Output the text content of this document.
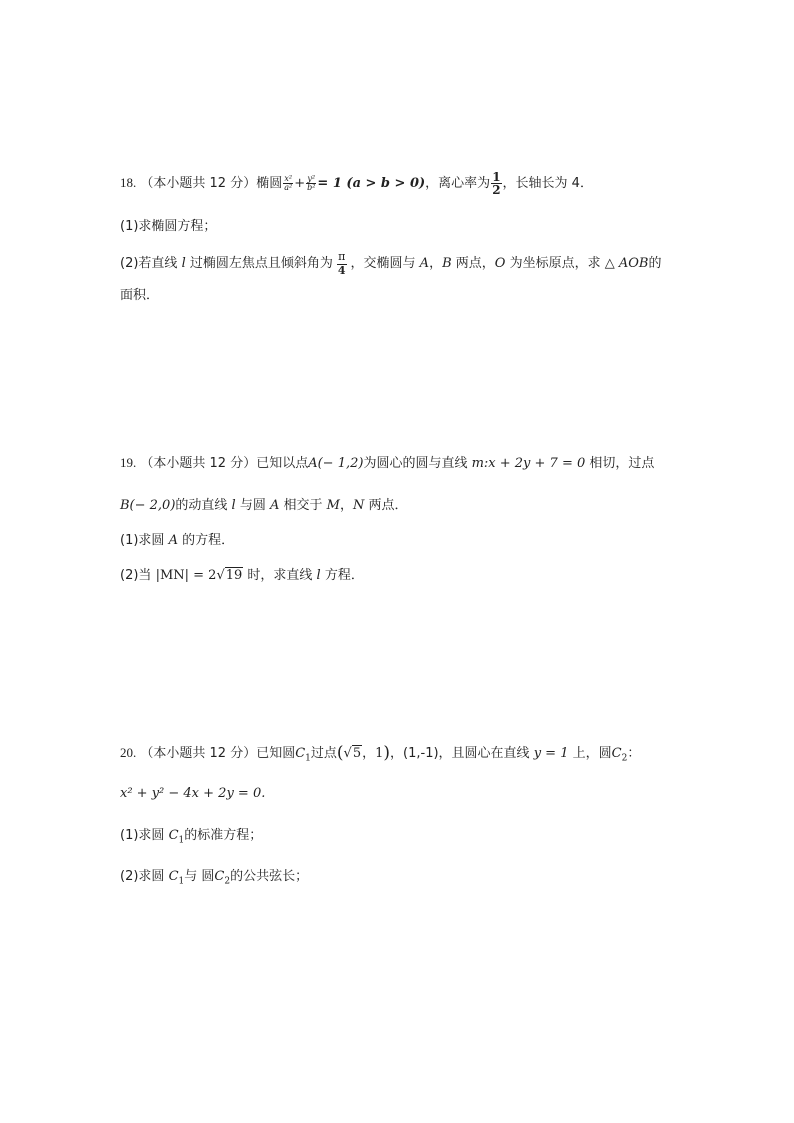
18. （本小题共 12 分）椭圆 $\frac{\text{x²}}{\text{a²}} + \frac{\text{y²}}{\text{b²}} = 1$ (a > b > 0)，离心率为 $\frac{1}{2}$ ，长轴长为 4．
(1)求椭圆方程；
(2)若直线 l 过椭圆左焦点且倾斜角为 $\frac{\pi}{4}$ ，交椭圆与 A，B 两点，O 为坐标原点，求 △ AOB的
面积．
19. （本小题共 12 分）已知以点A(− 1,2)为圆心的圆与直线 m:x + 2y + 7 = 0 相切，过点
B(− 2,0)的动直线 l 与圆 A 相交于 M，N 两点．
(1)求圆 A 的方程．
(2)当 |MN| = 2√19 时，求直线 l 方程．
20. （本小题共 12 分）已知圆$C_1$过点(√5，1)，(1,-1)，且圆心在直线 y = 1 上，圆$C_2$：
x² + y² − 4x + 2y = 0.
(1)求圆 $C_1$的标准方程；
(2)求圆 $C_1$与 圆$C_2$的公共弦长；
